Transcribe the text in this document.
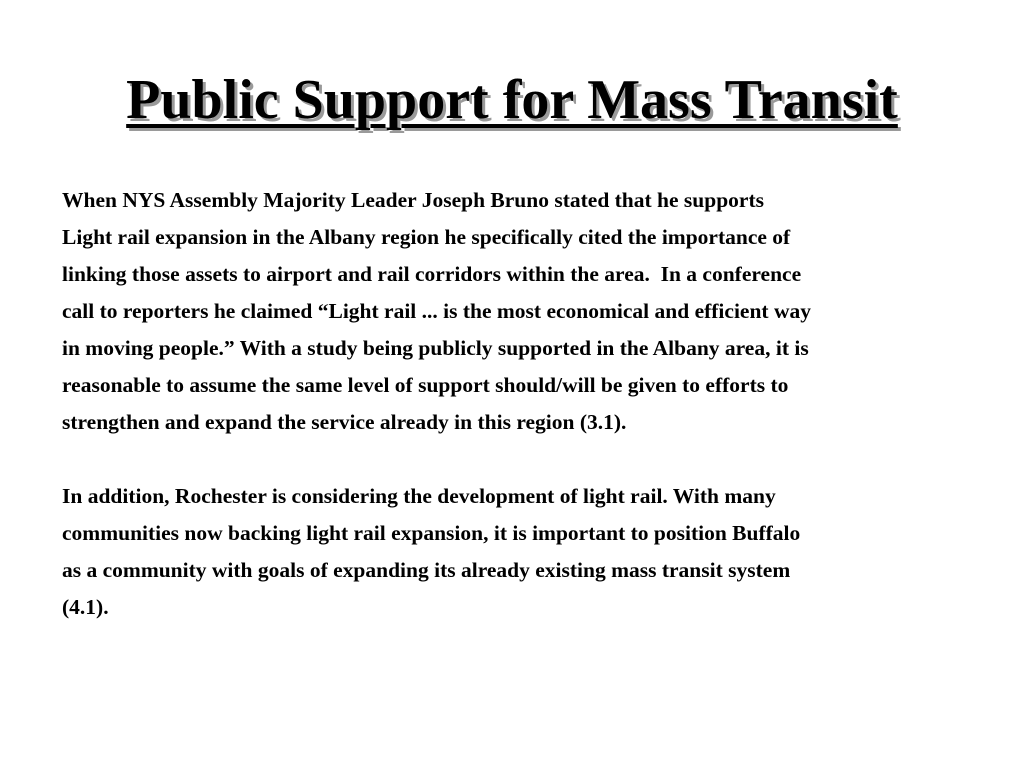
Public Support for Mass Transit
When NYS Assembly Majority Leader Joseph Bruno stated that he supports
Light rail expansion in the Albany region he specifically cited the importance of
linking those assets to airport and rail corridors within the area.  In a conference
call to reporters he claimed “Light rail ... is the most economical and efficient way
in moving people.” With a study being publicly supported in the Albany area, it is
reasonable to assume the same level of support should/will be given to efforts to
strengthen and expand the service already in this region (3.1).
In addition, Rochester is considering the development of light rail. With many
communities now backing light rail expansion, it is important to position Buffalo
as a community with goals of expanding its already existing mass transit system
(4.1).
